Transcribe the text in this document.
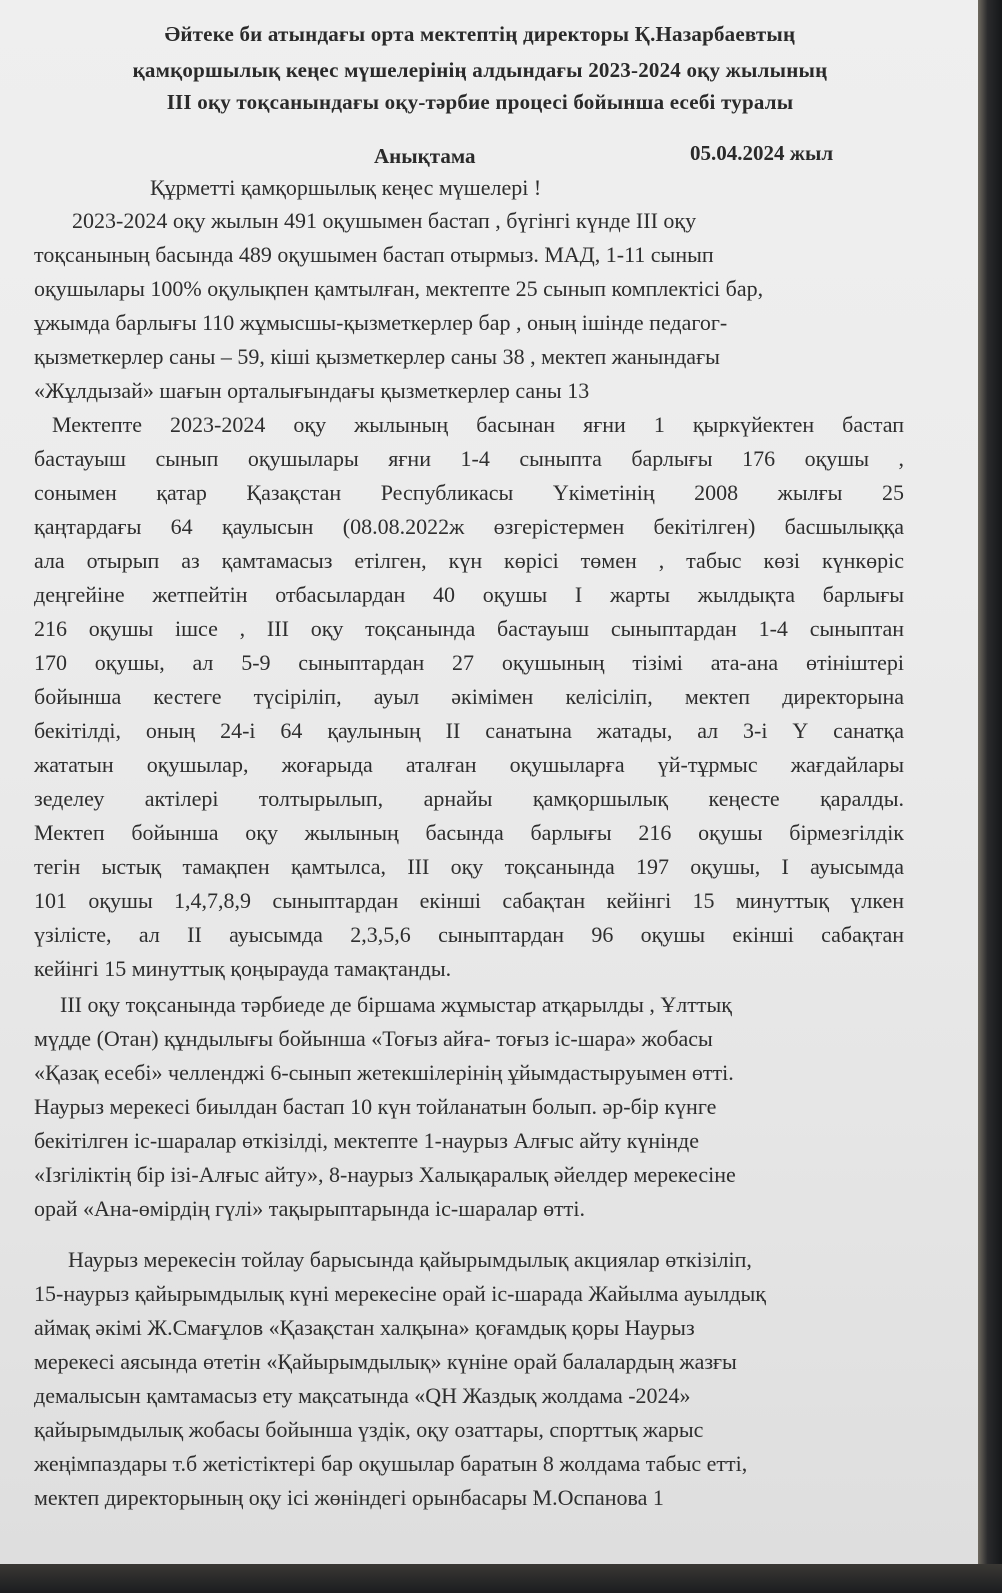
Әйтеке би атындағы орта мектептің директоры Қ.Назарбаевтың
қамқоршылық кеңес мүшелерінің алдындағы 2023-2024 оқу жылының
ІІІ оқу тоқсанындағы оқу-тәрбие процесі бойынша есебі туралы
Анықтама	05.04.2024 жыл
Құрметті қамқоршылық кеңес мүшелері !
2023-2024 оқу жылын 491 оқушымен бастап , бүгінгі күнде ІІІ оқу
тоқсанының басында 489 оқушымен бастап отырмыз. МАД, 1-11 сынып
оқушылары 100% оқулықпен қамтылған, мектепте 25 сынып комплектісі бар,
ұжымда барлығы 110 жұмысшы-қызметкерлер бар , оның ішінде педагог-
қызметкерлер саны – 59, кіші қызметкерлер саны 38 , мектеп жанындағы
«Жұлдызай» шағын орталығындағы қызметкерлер саны 13
Мектепте 2023-2024 оқу жылының басынан яғни 1 қыркүйектен бастап
бастауыш сынып оқушылары яғни 1-4 сыныпта барлығы 176 оқушы ,
сонымен қатар Қазақстан Республикасы Үкіметінің 2008 жылғы 25
қаңтардағы 64 қаулысын (08.08.2022ж өзгерістермен бекітілген) басшылыққа
ала отырып аз қамтамасыз етілген, күн көрісі төмен , табыс көзі күнкөріс
деңгейіне жетпейтін отбасылардан 40 оқушы І жарты жылдықта барлығы
216 оқушы ішсе , ІІІ оқу тоқсанында бастауыш сыныптардан 1-4 сыныптан
170 оқушы, ал 5-9 сыныптардан 27 оқушының тізімі ата-ана өтініштері
бойынша кестеге түсіріліп, ауыл әкімімен келісіліп, мектеп директорына
бекітілді, оның 24-і 64 қаулының ІІ санатына жатады, ал 3-і Ү санатқа
жататын оқушылар, жоғарыда аталған оқушыларға үй-тұрмыс жағдайлары
зеделеу актілері толтырылып, арнайы қамқоршылық кеңесте қаралды.
Мектеп бойынша оқу жылының басында барлығы 216 оқушы бірмезгілдік
тегін ыстық тамақпен қамтылса, ІІІ оқу тоқсанында 197 оқушы, І ауысымда
101 оқушы 1,4,7,8,9 сыныптардан екінші сабақтан кейінгі 15 минуттық үлкен
үзілісте, ал ІІ ауысымда 2,3,5,6 сыныптардан 96 оқушы екінші сабақтан
кейінгі 15 минуттық қоңырауда тамақтанды.
ІІІ оқу тоқсанында тәрбиеде де біршама жұмыстар атқарылды , Ұлттық
мүдде (Отан) құндылығы бойынша «Тоғыз айға- тоғыз іс-шара» жобасы
«Қазақ есебі» челленджі 6-сынып жетекшілерінің ұйымдастыруымен өтті.
Наурыз мерекесі биылдан бастап 10 күн тойланатын болып. әр-бір күнге
бекітілген іс-шаралар өткізілді, мектепте 1-наурыз Алғыс айту күнінде
«Ізгіліктің бір ізі-Алғыс айту», 8-наурыз Халықаралық әйелдер мерекесіне
орай «Ана-өмірдің гүлі» тақырыптарында іс-шаралар өтті.
Наурыз мерекесін тойлау барысында қайырымдылық акциялар өткізіліп,
15-наурыз қайырымдылық күні мерекесіне орай іс-шарада Жайылма ауылдық
аймақ әкімі Ж.Смағұлов «Қазақстан халқына» қоғамдық қоры Наурыз
мерекесі аясында өтетін «Қайырымдылық» күніне орай балалардың жазғы
демалысын қамтамасыз ету мақсатында «QH Жаздық жолдама -2024»
қайырымдылық жобасы бойынша үздік, оқу озаттары, спорттық жарыс
жеңімпаздары т.б жетістіктері бар оқушылар баратын 8 жолдама табыс етті,
мектеп директорының оқу ісі жөніндегі орынбасары М.Оспанова 1
